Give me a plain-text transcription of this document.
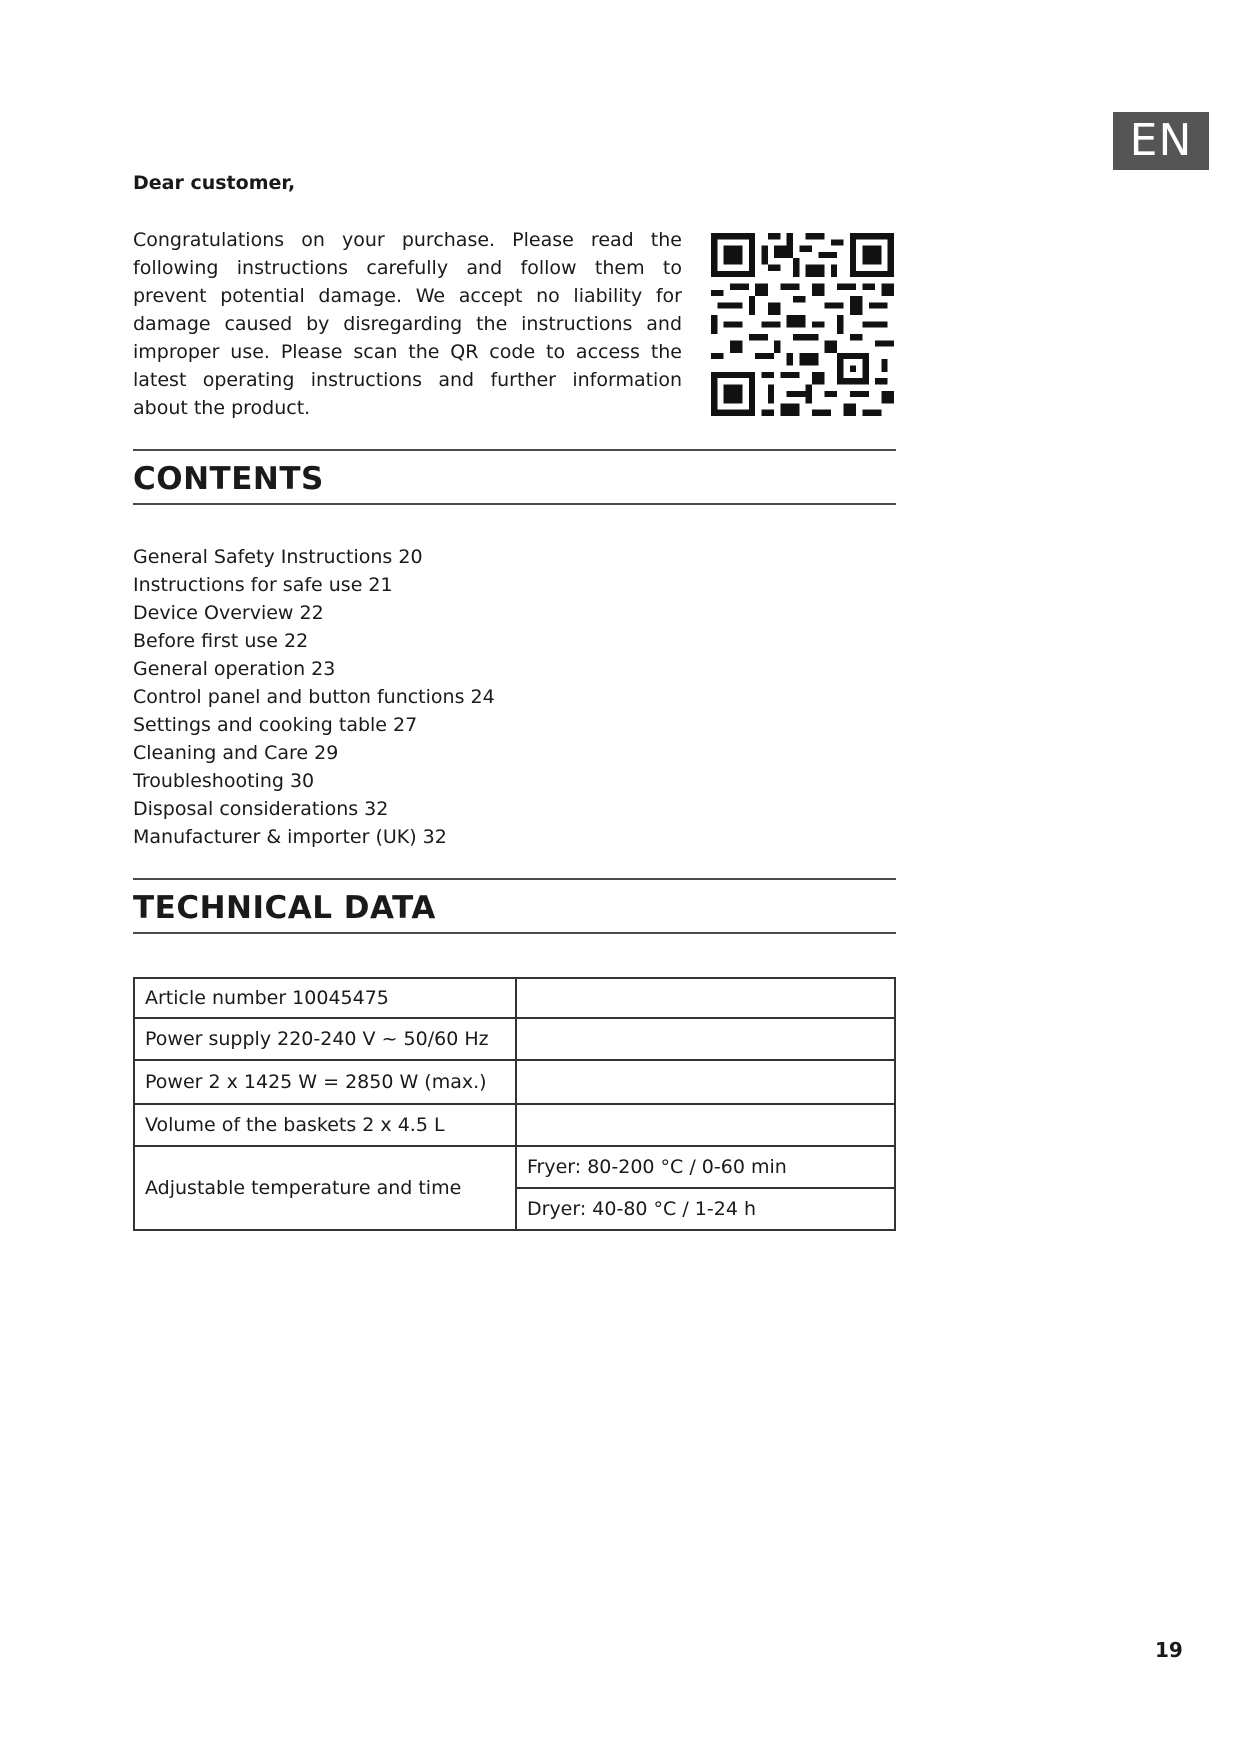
EN
Dear customer,

Congratulations on your purchase. Please read the following instructions carefully and follow them to prevent potential damage. We accept no liability for damage caused by disregarding the instructions and improper use. Please scan the QR code to access the latest operating instructions and further information about the product.

CONTENTS
General Safety Instructions 20
Instructions for safe use 21
Device Overview 22
Before first use 22
General operation 23
Control panel and button functions 24
Settings and cooking table 27
Cleaning and Care 29
Troubleshooting 30
Disposal considerations 32
Manufacturer & importer (UK) 32
TECHNICAL DATA
Article number 10045475	
Power supply 220-240 V ~ 50/60 Hz	
Power 2 x 1425 W = 2850 W (max.)	
Volume of the baskets 2 x 4.5 L	
Adjustable temperature and time	Fryer: 80-200 °C / 0-60 min
	Dryer: 40-80 °C / 1-24 h
19
